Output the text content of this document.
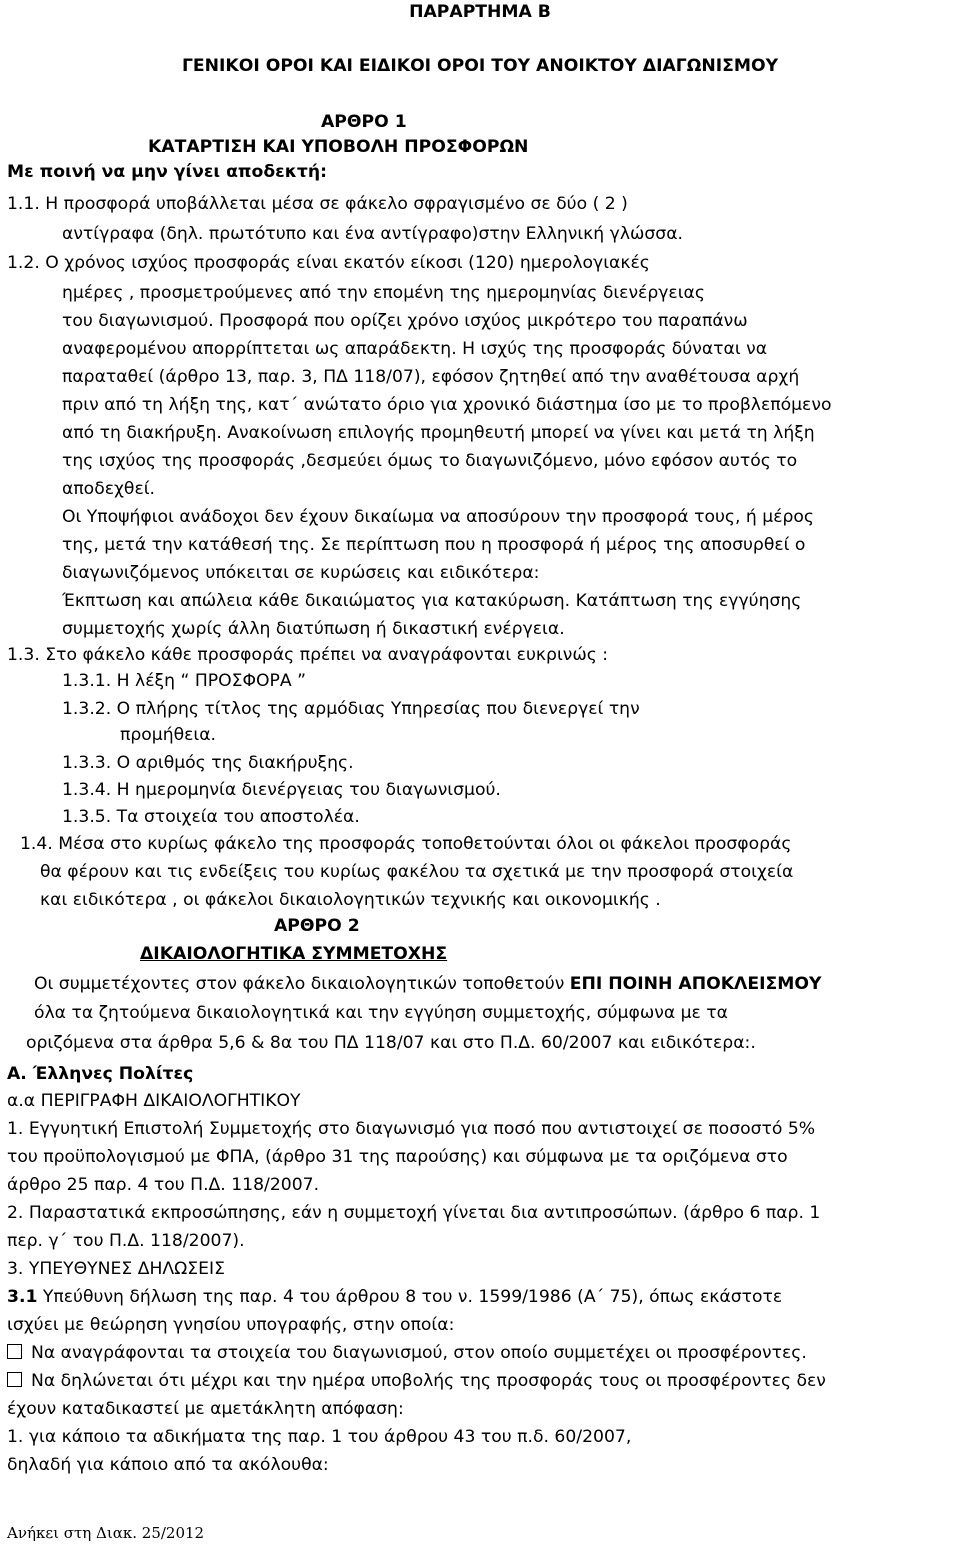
ΠΑΡΑΡΤΗΜΑ Β
ΓΕΝΙΚΟΙ ΟΡΟΙ ΚΑΙ ΕΙΔΙΚΟΙ ΟΡΟΙ ΤΟΥ ΑΝΟΙΚΤΟΥ ΔΙΑΓΩΝΙΣΜΟΥ
ΑΡΘΡΟ 1
ΚΑΤΑΡΤΙΣΗ ΚΑΙ ΥΠΟΒΟΛΗ ΠΡΟΣΦΟΡΩΝ
Με ποινή να μην γίνει αποδεκτή:
1.1. Η προσφορά υποβάλλεται μέσα σε φάκελο σφραγισμένο σε δύο ( 2 )
αντίγραφα (δηλ. πρωτότυπο και ένα αντίγραφο)στην Ελληνική γλώσσα.
1.2. Ο χρόνος ισχύος προσφοράς είναι εκατόν είκοσι (120) ημερολογιακές
ημέρες , προσμετρούμενες από την επομένη της ημερομηνίας διενέργειας
του διαγωνισμού. Προσφορά που ορίζει χρόνο ισχύος μικρότερο του παραπάνω
αναφερομένου απορρίπτεται ως απαράδεκτη. Η ισχύς της προσφοράς δύναται να
παραταθεί (άρθρο 13, παρ. 3, ΠΔ 118/07), εφόσον ζητηθεί από την αναθέτουσα αρχή
πριν από τη λήξη της, κατ΄ ανώτατο όριο για χρονικό διάστημα ίσο με το προβλεπόμενο
από τη διακήρυξη. Ανακοίνωση επιλογής προμηθευτή μπορεί να γίνει και μετά τη λήξη
της ισχύος της προσφοράς ,δεσμεύει όμως το διαγωνιζόμενο, μόνο εφόσον αυτός το
αποδεχθεί.
Οι Υποψήφιοι ανάδοχοι δεν έχουν δικαίωμα να αποσύρουν την προσφορά τους, ή μέρος
της, μετά την κατάθεσή της. Σε περίπτωση που η προσφορά ή μέρος της αποσυρθεί ο
διαγωνιζόμενος υπόκειται σε κυρώσεις και ειδικότερα:
Έκπτωση και απώλεια κάθε δικαιώματος για κατακύρωση. Κατάπτωση της εγγύησης
συμμετοχής χωρίς άλλη διατύπωση ή δικαστική ενέργεια.
1.3. Στο φάκελο κάθε προσφοράς πρέπει να αναγράφονται ευκρινώς :
1.3.1. Η λέξη “ ΠΡΟΣΦΟΡΑ ”
1.3.2. Ο πλήρης τίτλος της αρμόδιας Υπηρεσίας που διενεργεί την
προμήθεια.
1.3.3. Ο αριθμός της διακήρυξης.
1.3.4. Η ημερομηνία διενέργειας του διαγωνισμού.
1.3.5. Τα στοιχεία του αποστολέα.
1.4. Μέσα στο κυρίως φάκελο της προσφοράς τοποθετούνται όλοι οι φάκελοι προσφοράς
θα φέρουν και τις ενδείξεις του κυρίως φακέλου τα σχετικά με την προσφορά στοιχεία
και ειδικότερα , οι φάκελοι δικαιολογητικών τεχνικής και οικονομικής .
ΑΡΘΡΟ 2
ΔΙΚΑΙΟΛΟΓΗΤΙΚΑ ΣΥΜΜΕΤΟΧΗΣ
Οι συμμετέχοντες στον φάκελο δικαιολογητικών τοποθετούν ΕΠΙ ΠΟΙΝΗ ΑΠΟΚΛΕΙΣΜΟΥ
όλα τα ζητούμενα δικαιολογητικά και την εγγύηση συμμετοχής, σύμφωνα με τα
οριζόμενα στα άρθρα 5,6 & 8α του ΠΔ 118/07 και στο Π.Δ. 60/2007 και ειδικότερα:.
Α. Έλληνες Πολίτες
α.α ΠΕΡΙΓΡΑΦΗ ΔΙΚΑΙΟΛΟΓΗΤΙΚΟΥ
1. Εγγυητική Επιστολή Συμμετοχής στο διαγωνισμό για ποσό που αντιστοιχεί σε ποσοστό 5%
του προϋπολογισμού με ΦΠΑ, (άρθρο 31 της παρούσης) και σύμφωνα με τα οριζόμενα στο
άρθρο 25 παρ. 4 του Π.Δ. 118/2007.
2. Παραστατικά εκπροσώπησης, εάν η συμμετοχή γίνεται δια αντιπροσώπων. (άρθρο 6 παρ. 1
περ. γ΄ του Π.Δ. 118/2007).
3. ΥΠΕΥΘΥΝΕΣ ΔΗΛΩΣΕΙΣ
3.1 Υπεύθυνη δήλωση της παρ. 4 του άρθρου 8 του ν. 1599/1986 (Α΄ 75), όπως εκάστοτε
ισχύει με θεώρηση γνησίου υπογραφής, στην οποία:
Να αναγράφονται τα στοιχεία του διαγωνισμού, στον οποίο συμμετέχει οι προσφέροντες.
Να δηλώνεται ότι μέχρι και την ημέρα υποβολής της προσφοράς τους οι προσφέροντες δεν
έχουν καταδικαστεί με αμετάκλητη απόφαση:
1. για κάποιο τα αδικήματα της παρ. 1 του άρθρου 43 του π.δ. 60/2007,
δηλαδή για κάποιο από τα ακόλουθα:
Ανήκει στη Διακ. 25/2012
